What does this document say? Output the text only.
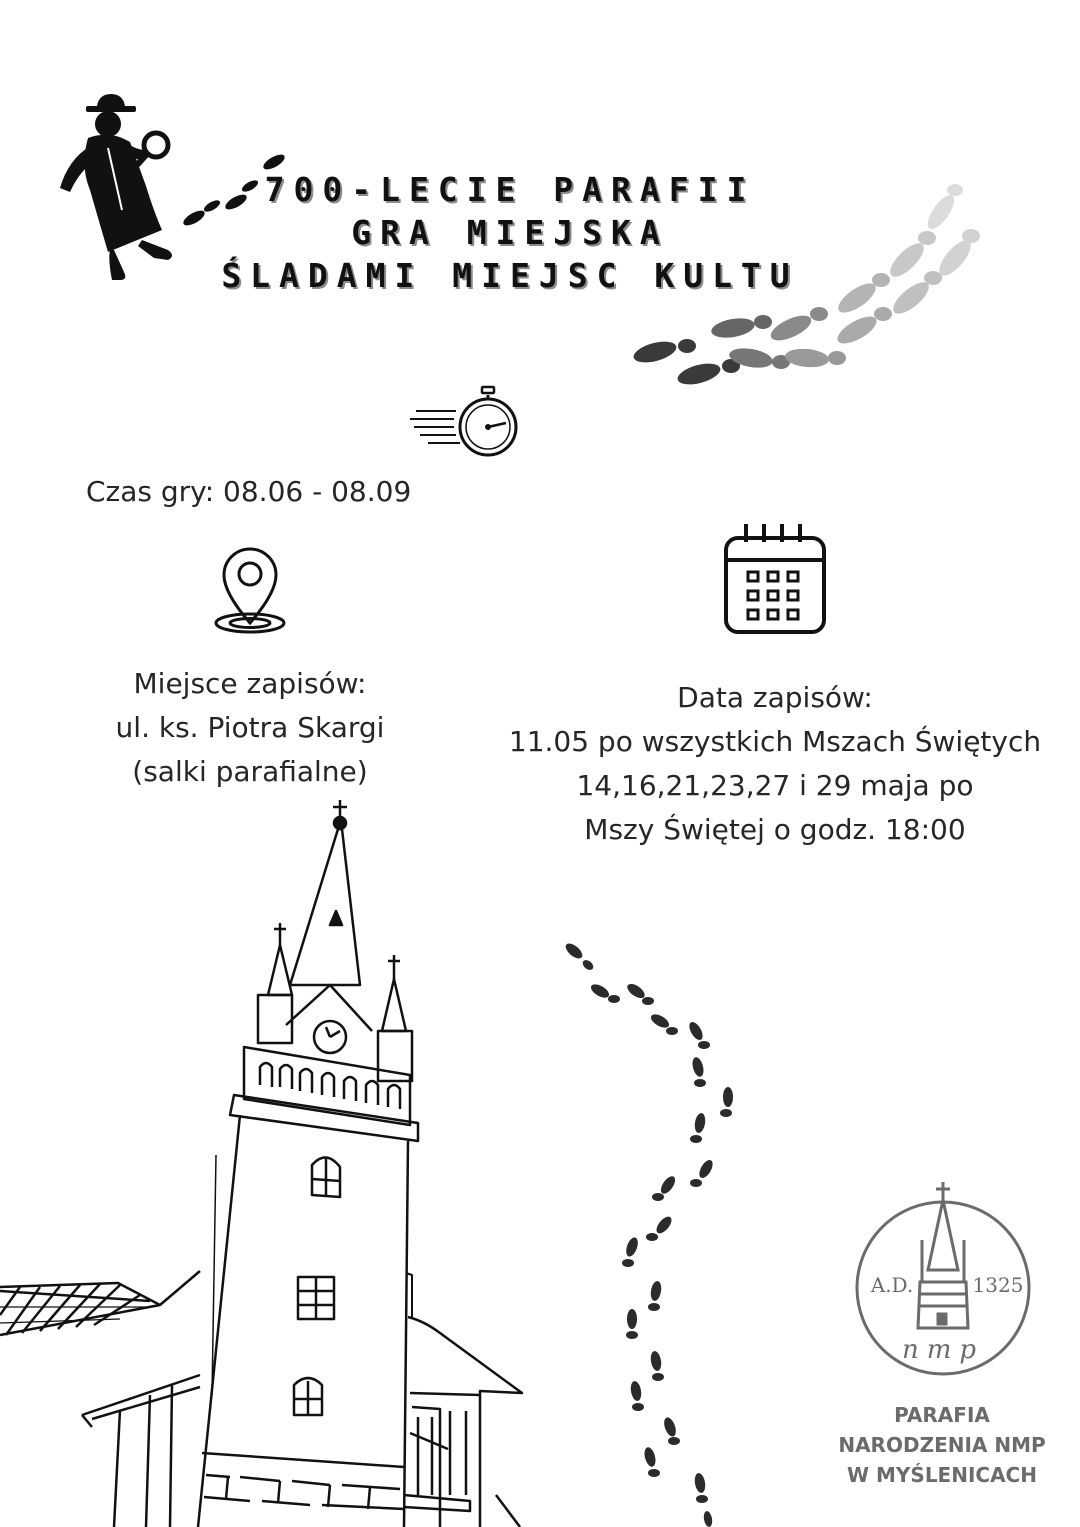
700-LECIE PARAFII
GRA MIEJSKA
ŚLADAMI MIEJSC KULTU
Czas gry: 08.06 - 08.09
Miejsce zapisów:
ul. ks. Piotra Skargi
(salki parafialne)
Data zapisów:
11.05 po wszystkich Mszach Świętych
14,16,21,23,27 i 29 maja po
Mszy Świętej o godz. 18:00
A.D.	1325
nmp
PARAFIA
NARODZENIA NMP
W MYŚLENICACH
